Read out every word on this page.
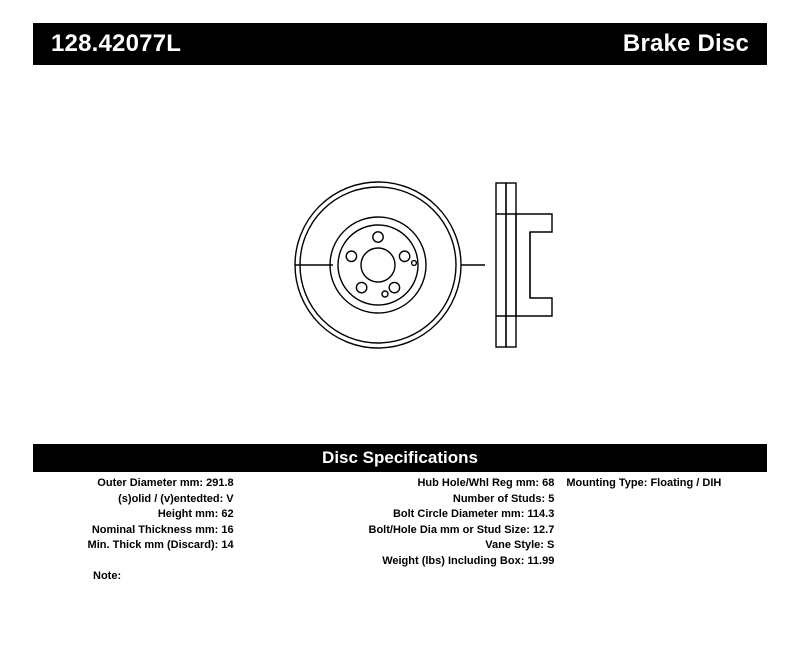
128.42077L	Brake Disc
Disc Specifications
Outer Diameter mm: 291.8
(s)olid / (v)entedted: V
Height mm: 62
Nominal Thickness mm: 16
Min. Thick mm (Discard): 14
Hub Hole/Whl Reg mm: 68
Number of Studs: 5
Bolt Circle Diameter mm: 114.3
Bolt/Hole Dia mm or Stud Size: 12.7
Vane Style: S
Weight (lbs) Including Box: 11.99
Mounting Type: Floating / DIH
Note:
